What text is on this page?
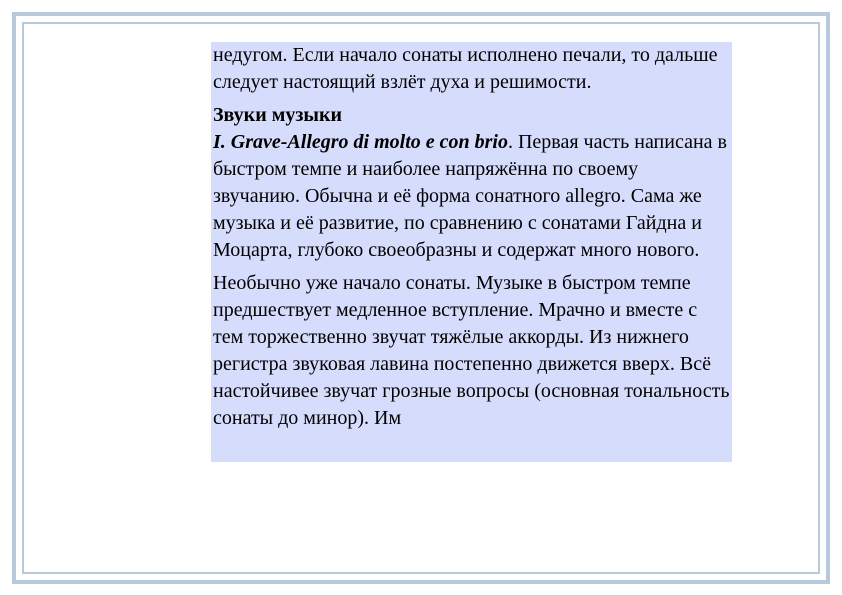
недугом. Если начало сонаты исполнено печали, то дальше следует настоящий взлёт духа и решимости.

Звуки музыки

I. Grave-Allegro di molto e con brio. Первая часть написана в быстром темпе и наиболее напряжённа по своему звучанию. Обычна и её форма сонатного allegro. Сама же музыка и её развитие, по сравнению с сонатами Гайдна и Моцарта, глубоко своеобразны и содержат много нового.

Необычно уже начало сонаты. Музыке в быстром темпе предшествует медленное вступление. Мрачно и вместе с тем торжественно звучат тяжёлые аккорды. Из нижнего регистра звуковая лавина постепенно движется вверх. Всё настойчивее звучат грозные вопросы (основная тональность сонаты до минор). Им
